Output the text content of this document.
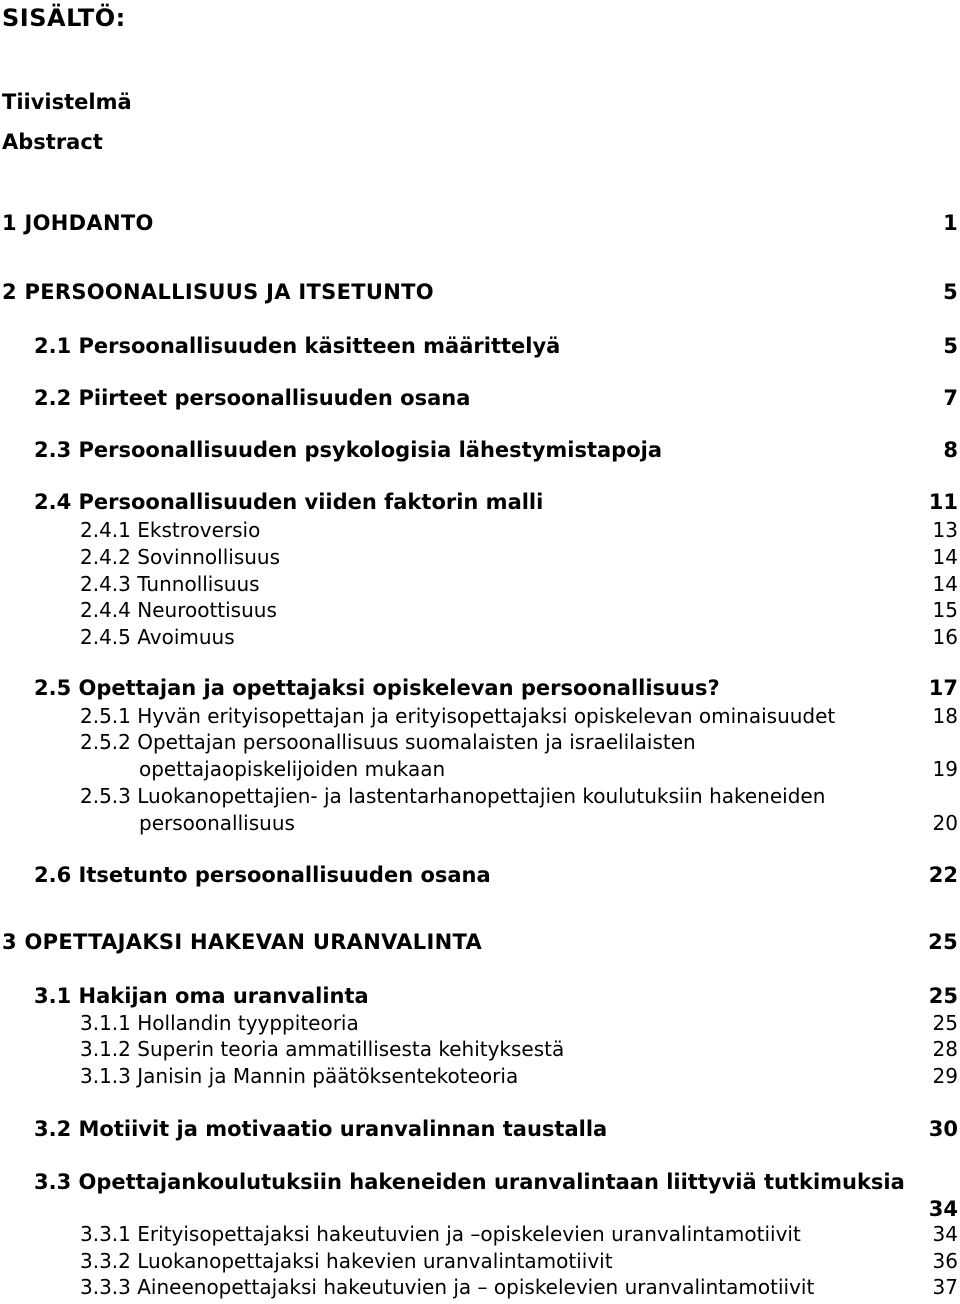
SISÄLTÖ:

Tiivistelmä

Abstract

1 JOHDANTO	1
2 PERSOONALLISUUS JA ITSETUNTO	5
2.1 Persoonallisuuden käsitteen määrittelyä	5
2.2 Piirteet persoonallisuuden osana	7
2.3 Persoonallisuuden psykologisia lähestymistapoja	8
2.4 Persoonallisuuden viiden faktorin malli	11
2.4.1 Ekstroversio	13
2.4.2 Sovinnollisuus	14
2.4.3 Tunnollisuus	14
2.4.4 Neuroottisuus	15
2.4.5 Avoimuus	16
2.5 Opettajan ja opettajaksi opiskelevan persoonallisuus?	17
2.5.1 Hyvän erityisopettajan ja erityisopettajaksi opiskelevan ominaisuudet	18
2.5.2 Opettajan persoonallisuus suomalaisten ja israelilaisten
opettajaopiskelijoiden mukaan	19
2.5.3 Luokanopettajien- ja lastentarhanopettajien koulutuksiin hakeneiden
persoonallisuus	20
2.6 Itsetunto persoonallisuuden osana	22
3 OPETTAJAKSI HAKEVAN URANVALINTA	25
3.1 Hakijan oma uranvalinta	25
3.1.1 Hollandin tyyppiteoria	25
3.1.2 Superin teoria ammatillisesta kehityksestä	28
3.1.3 Janisin ja Mannin päätöksentekoteoria	29
3.2 Motiivit ja motivaatio uranvalinnan taustalla	30
3.3 Opettajankoulutuksiin hakeneiden uranvalintaan liittyviä tutkimuksia
34
3.3.1 Erityisopettajaksi hakeutuvien ja –opiskelevien uranvalintamotiivit	34
3.3.2 Luokanopettajaksi hakevien uranvalintamotiivit	36
3.3.3 Aineenopettajaksi hakeutuvien ja – opiskelevien uranvalintamotiivit	37
